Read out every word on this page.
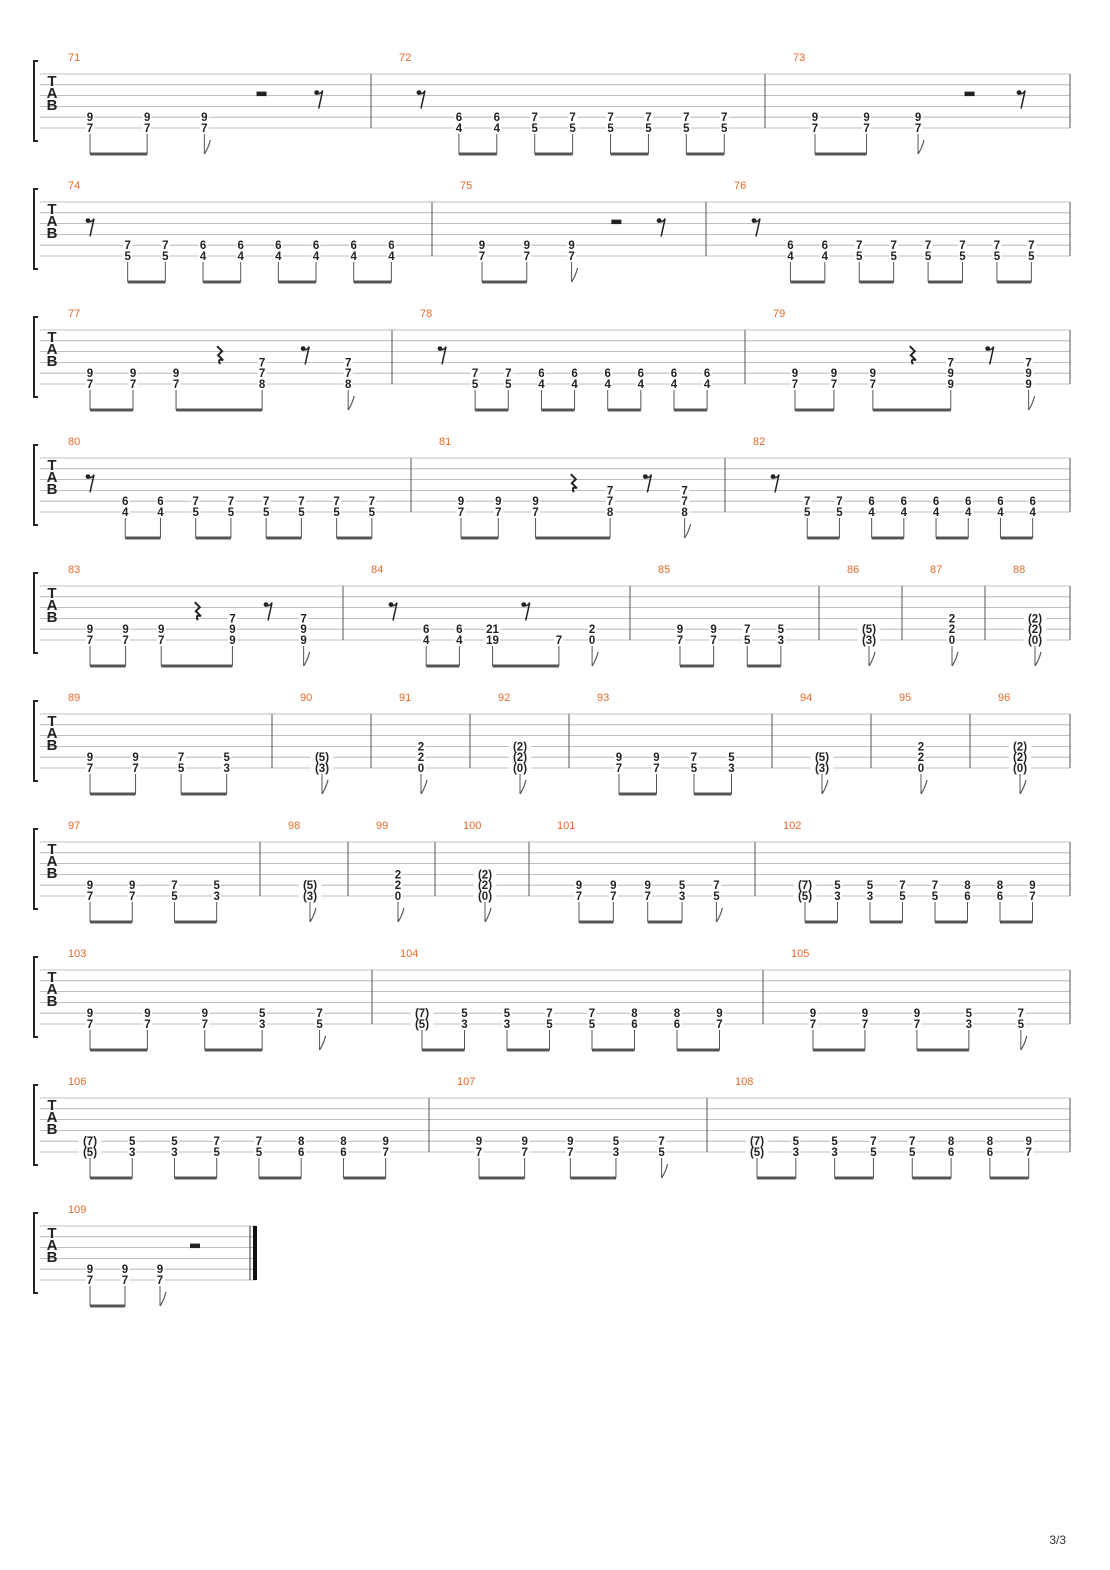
3/3
T
A
B
71
7
9
7
9
7
9
72
4
6
4
6
5
7
5
7
5
7
5
7
5
7
5
7
73
7
9
7
9
7
9
T
A
B
74
5
7
5
7
4
6
4
6
4
6
4
6
4
6
4
6
75
7
9
7
9
7
9
76
4
6
4
6
5
7
5
7
5
7
5
7
5
7
5
7
T
A
B
77
7
9
7
9
7
9
8
7
7
8
7
7
78
5
7
5
7
4
6
4
6
4
6
4
6
4
6
4
6
79
7
9
7
9
7
9
9
9
7
9
9
7
T
A
B
80
4
6
4
6
5
7
5
7
5
7
5
7
5
7
5
7
81
7
9
7
9
7
9
8
7
7
8
7
7
82
5
7
5
7
4
6
4
6
4
6
4
6
4
6
4
6
T
A
B
83
7
9
7
9
7
9
9
9
7
9
9
7
84
4
6
4
6
19
21
7 0
2
85
7
9
7
9
5
7
3
5
86
(3)
(5)
87
0
2
2
88
(0)
(2)
(2)
T
A
B
89
7
9
7
9
5
7
3
5
90
(3)
(5)
91
0
2
2
92
(0)
(2)
(2)
93
7
9
7
9
5
7
3
5
94
(3)
(5)
95
0
2
2
96
(0)
(2)
(2)
T
A
B
97
7
9
7
9
5
7
3
5
98
(3)
(5)
99
0
2
2
100
(0)
(2)
(2)
101
7
9
7
9
7
9
3
5
5
7
102
(5)
(7)
3
5
3
5
5
7
5
7
6
8
6
8
7
9
T
A
B
103
7
9
7
9
7
9
3
5
5
7
104
(5)
(7)
3
5
3
5
5
7
5
7
6
8
6
8
7
9
105
7
9
7
9
7
9
3
5
5
7
T
A
B
106
(5)
(7)
3
5
3
5
5
7
5
7
6
8
6
8
7
9
107
7
9
7
9
7
9
3
5
5
7
108
(5)
(7)
3
5
3
5
5
7
5
7
6
8
6
8
7
9
T
A
B
109
7
9
7
9
7
9
